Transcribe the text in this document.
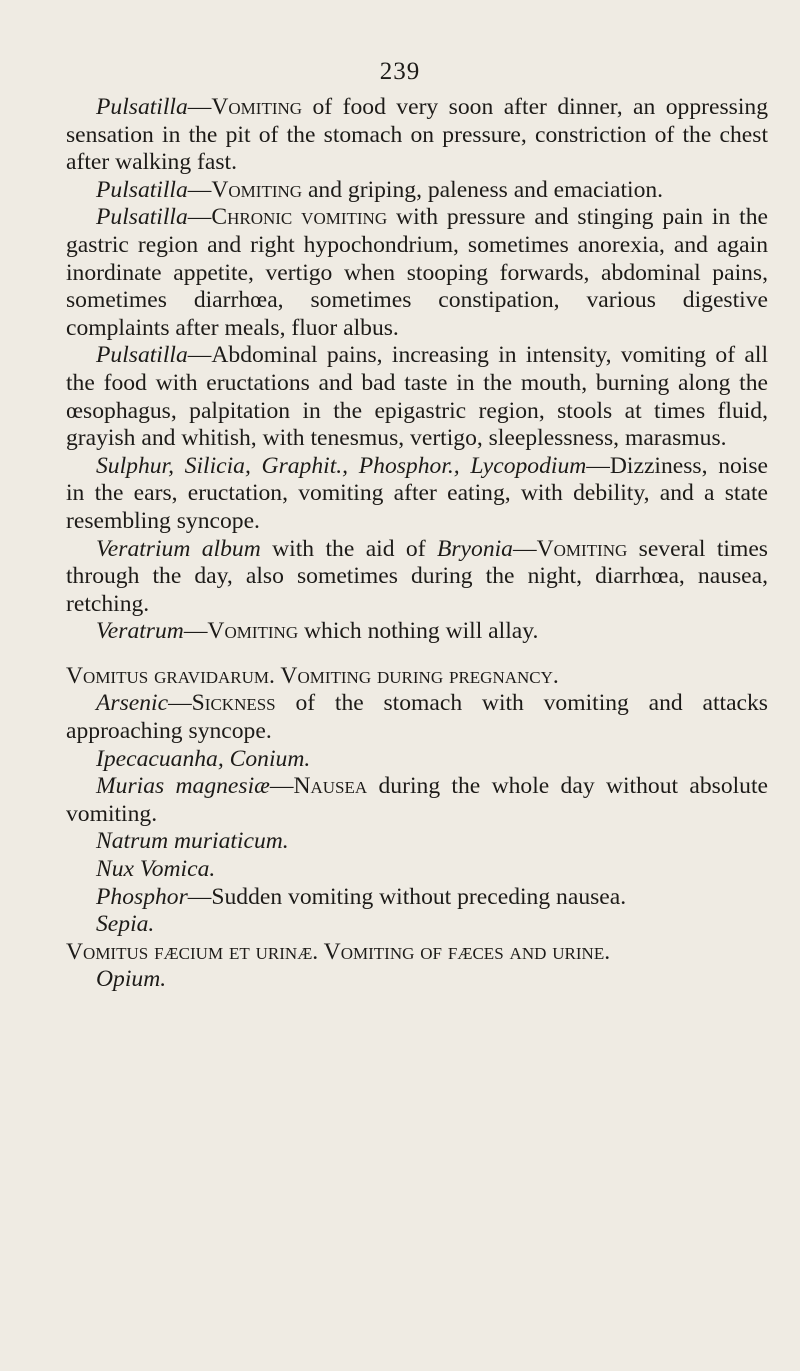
239

Pulsatilla—Vomiting of food very soon after dinner, an oppressing sensation in the pit of the stomach on pressure, constriction of the chest after walking fast.

Pulsatilla—Vomiting and griping, paleness and emaciation.

Pulsatilla—Chronic vomiting with pressure and stinging pain in the gastric region and right hypochondrium, sometimes anorexia, and again inordinate appetite, vertigo when stooping forwards, abdominal pains, sometimes diarrhœa, sometimes constipation, various digestive complaints after meals, fluor albus.

Pulsatilla—Abdominal pains, increasing in intensity, vomiting of all the food with eructations and bad taste in the mouth, burning along the œsophagus, palpitation in the epigastric region, stools at times fluid, grayish and whitish, with tenesmus, vertigo, sleeplessness, marasmus.

Sulphur, Silicia, Graphit., Phosphor., Lycopodium—Dizziness, noise in the ears, eructation, vomiting after eating, with debility, and a state resembling syncope.

Veratrium album with the aid of Bryonia—Vomiting several times through the day, also sometimes during the night, diarrhœa, nausea, retching.

Veratrum—Vomiting which nothing will allay.

Vomitus gravidarum. Vomiting during pregnancy.

Arsenic—Sickness of the stomach with vomiting and attacks approaching syncope.

Ipecacuanha, Conium.

Murias magnesiæ—Nausea during the whole day without absolute vomiting.

Natrum muriaticum.

Nux Vomica.

Phosphor—Sudden vomiting without preceding nausea.

Sepia.

Vomitus fæcium et urinæ. Vomiting of fæces and urine.

Opium.
